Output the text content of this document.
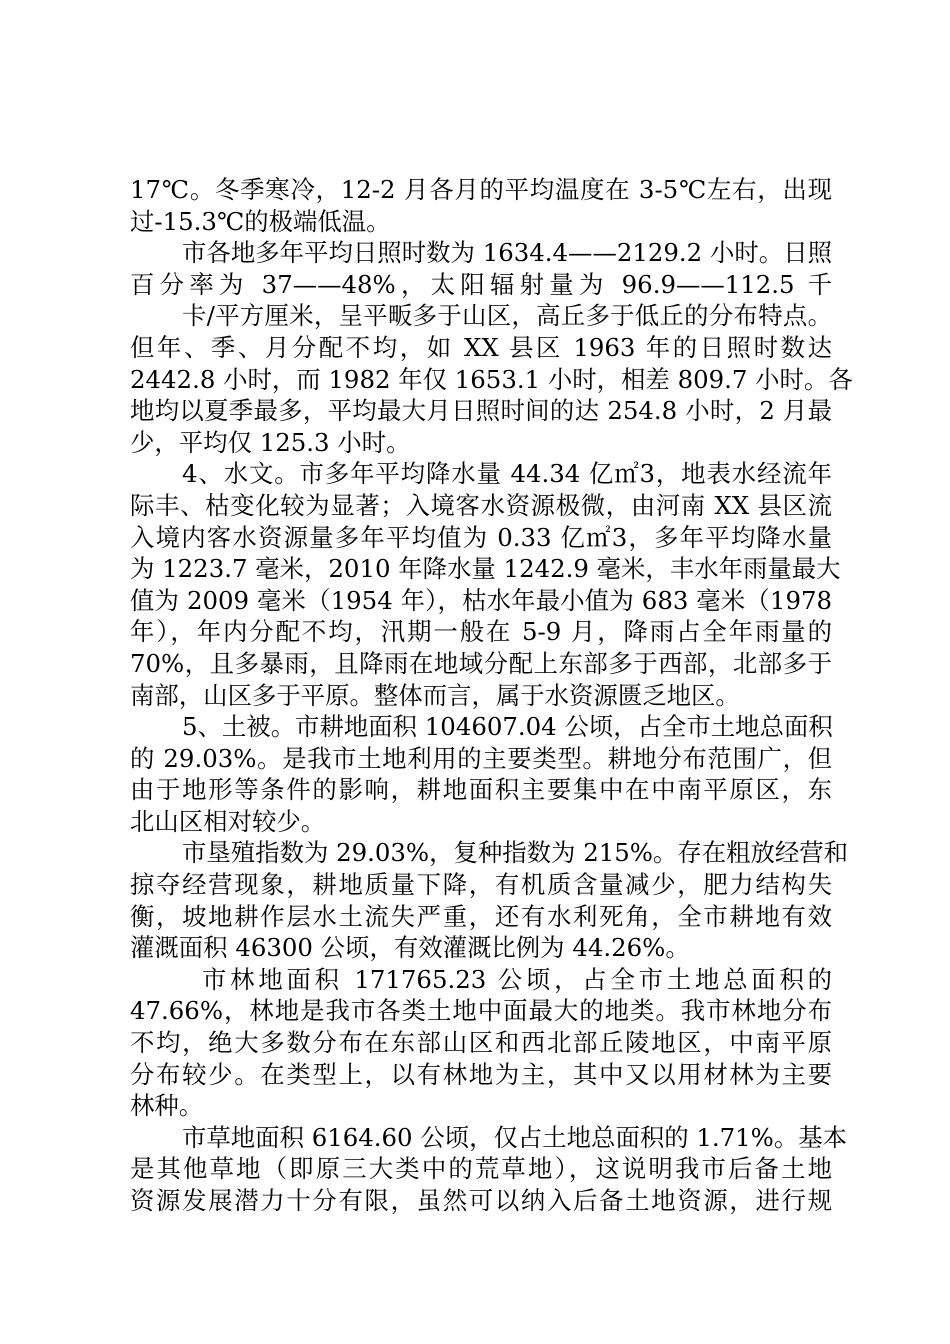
17℃。冬季寒冷，12-2 月各月的平均温度在 3-5℃左右，出现
过-15.3℃的极端低温。
市各地多年平均日照时数为 1634.4——2129.2 小时。日照
百分率为 37——48%，太阳辐射量为 96.9——112.5 千
卡/平方厘米，呈平畈多于山区，高丘多于低丘的分布特点。
但年、季、月分配不均，如 XX 县区 1963 年的日照时数达
2442.8 小时，而 1982 年仅 1653.1 小时，相差 809.7 小时。各
地均以夏季最多，平均最大月日照时间的达 254.8 小时，2 月最
少，平均仅 125.3 小时。
4、水文。市多年平均降水量 44.34 亿㎡3，地表水经流年
际丰、枯变化较为显著；入境客水资源极微，由河南 XX 县区流
入境内客水资源量多年平均值为 0.33 亿㎡3，多年平均降水量
为 1223.7 毫米，2010 年降水量 1242.9 毫米，丰水年雨量最大
值为 2009 毫米（1954 年），枯水年最小值为 683 毫米（1978
年），年内分配不均，汛期一般在 5-9 月，降雨占全年雨量的
70%，且多暴雨，且降雨在地域分配上东部多于西部，北部多于
南部，山区多于平原。整体而言，属于水资源匮乏地区。
5、土被。市耕地面积 104607.04 公顷，占全市土地总面积
的 29.03%。是我市土地利用的主要类型。耕地分布范围广，但
由于地形等条件的影响，耕地面积主要集中在中南平原区，东
北山区相对较少。
市垦殖指数为 29.03%，复种指数为 215%。存在粗放经营和
掠夺经营现象，耕地质量下降，有机质含量减少，肥力结构失
衡，坡地耕作层水土流失严重，还有水利死角，全市耕地有效
灌溉面积 46300 公顷，有效灌溉比例为 44.26%。
市林地面积 171765.23 公顷，占全市土地总面积的
47.66%，林地是我市各类土地中面最大的地类。我市林地分布
不均，绝大多数分布在东部山区和西北部丘陵地区，中南平原
分布较少。在类型上，以有林地为主，其中又以用材林为主要
林种。
市草地面积 6164.60 公顷，仅占土地总面积的 1.71%。基本
是其他草地（即原三大类中的荒草地），这说明我市后备土地
资源发展潜力十分有限，虽然可以纳入后备土地资源，进行规
